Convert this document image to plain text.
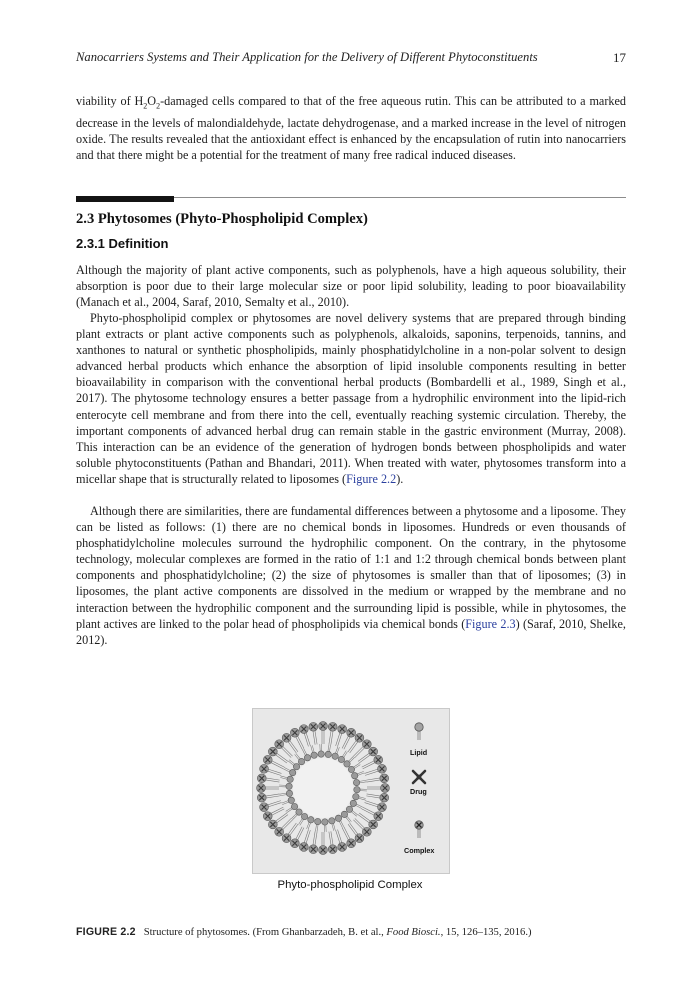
Nanocarriers Systems and Their Application for the Delivery of Different Phytoconstituents	17

viability of $H_2O_2$-damaged cells compared to that of the free aqueous rutin. This can be attributed to a marked decrease in the levels of malondialdehyde, lactate dehydrogenase, and a marked increase in the level of nitrogen oxide. The results revealed that the antioxidant effect is enhanced by the encapsulation of rutin into nanocarriers and that there might be a potential for the treatment of many free radical induced diseases.

2.3 Phytosomes (Phyto-Phospholipid Complex)
2.3.1 Definition

Although the majority of plant active components, such as polyphenols, have a high aqueous solubility, their absorption is poor due to their large molecular size or poor lipid solubility, leading to poor bioavailability (Manach et al., 2004, Saraf, 2010, Semalty et al., 2010).

Phyto-phospholipid complex or phytosomes are novel delivery systems that are prepared through binding plant extracts or plant active components such as polyphenols, alkaloids, saponins, terpenoids, tannins, and xanthones to natural or synthetic phospholipids, mainly phosphatidylcholine in a non-polar solvent to design advanced herbal products which enhance the absorption of lipid insoluble components resulting in better bioavailability in comparison with the conventional herbal products (Bombardelli et al., 1989, Singh et al., 2017). The phytosome technology ensures a better passage from a hydrophilic environment into the lipid-rich enterocyte cell membrane and from there into the cell, eventually reaching systemic circulation. Thereby, the important components of advanced herbal drug can remain stable in the gastric environment (Murray, 2008). This interaction can be an evidence of the generation of hydrogen bonds between phospholipids and water soluble phytoconstituents (Pathan and Bhandari, 2011). When treated with water, phytosomes transform into a micellar shape that is structurally related to liposomes (Figure 2.2).

Although there are similarities, there are fundamental differences between a phytosome and a liposome. They can be listed as follows: (1) there are no chemical bonds in liposomes. Hundreds or even thousands of phosphatidylcholine molecules surround the hydrophilic component. On the contrary, in the phytosome technology, molecular complexes are formed in the ratio of 1:1 and 1:2 through chemical bonds between plant components and phosphatidylcholine; (2) the size of phytosomes is smaller than that of liposomes; (3) in liposomes, the plant active components are dissolved in the medium or wrapped by the membrane and no interaction between the hydrophilic component and the surrounding lipid is possible, while in phytosomes, the plant actives are linked to the polar head of phospholipids via chemical bonds (Figure 2.3) (Saraf, 2010, Shelke, 2012).

Lipid
Drug
Complex
Phyto-phospholipid Complex
FIGURE 2.2 Structure of phytosomes. (From Ghanbarzadeh, B. et al., Food Biosci., 15, 126–135, 2016.)
